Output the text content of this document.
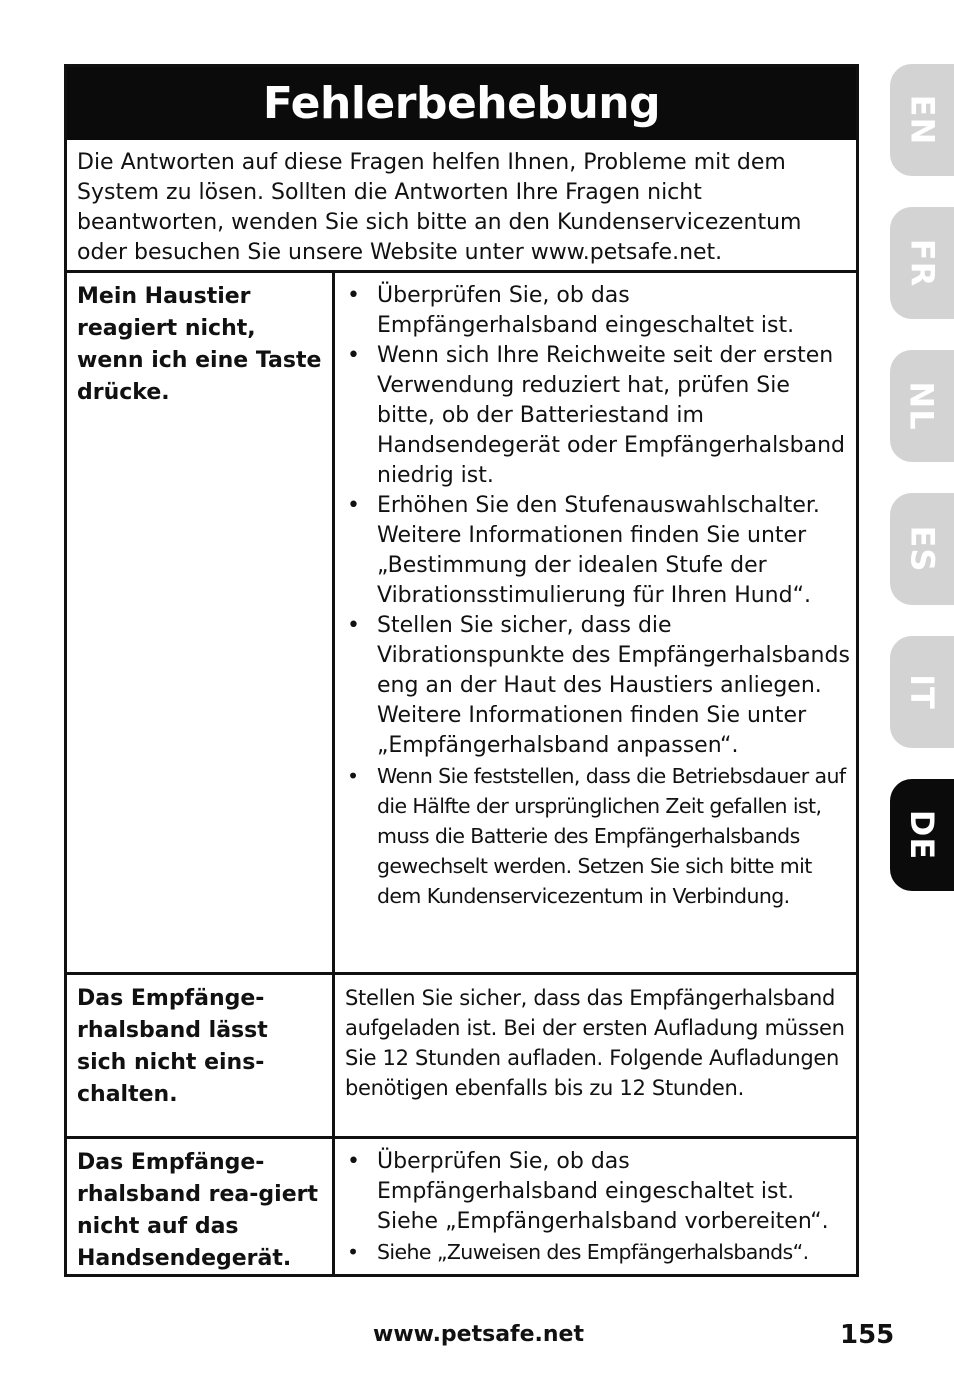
Fehlerbehebung
Die Antworten auf diese Fragen helfen Ihnen, Probleme mit dem System zu lösen. Sollten die Antworten Ihre Fragen nicht beantworten, wenden Sie sich bitte an den Kundenservicezentum oder besuchen Sie unsere Website unter www.petsafe.net.
Mein Haustier reagiert nicht, wenn ich eine Taste drücke.
• Überprüfen Sie, ob das Empfängerhalsband eingeschaltet ist.
• Wenn sich Ihre Reichweite seit der ersten Verwendung reduziert hat, prüfen Sie bitte, ob der Batteriestand im Handsendegerät oder Empfängerhalsband niedrig ist.
• Erhöhen Sie den Stufenauswahlschalter. Weitere Informationen finden Sie unter „Bestimmung der idealen Stufe der Vibrationsstimulierung für Ihren Hund“.
• Stellen Sie sicher, dass die Vibrationspunkte des Empfängerhalsbands eng an der Haut des Haustiers anliegen. Weitere Informationen finden Sie unter „Empfängerhalsband anpassen“.
• Wenn Sie feststellen, dass die Betriebsdauer auf die Hälfte der ursprünglichen Zeit gefallen ist, muss die Batterie des Empfängerhalsbands gewechselt werden. Setzen Sie sich bitte mit dem Kundenservicezentum in Verbindung.
Das Empfänge-rhalsband lässt sich nicht eins-chalten.

Stellen Sie sicher, dass das Empfängerhalsband aufgeladen ist. Bei der ersten Aufladung müssen Sie 12 Stunden aufladen. Folgende Aufladungen benötigen ebenfalls bis zu 12 Stunden.

Das Empfänge-rhalsband rea-giert nicht auf das Handsendegerät.
• Überprüfen Sie, ob das Empfängerhalsband eingeschaltet ist. Siehe „Empfängerhalsband vorbereiten“.
• Siehe „Zuweisen des Empfängerhalsbands“.
EN
FR
NL
ES
IT
DE
www.petsafe.net	155
